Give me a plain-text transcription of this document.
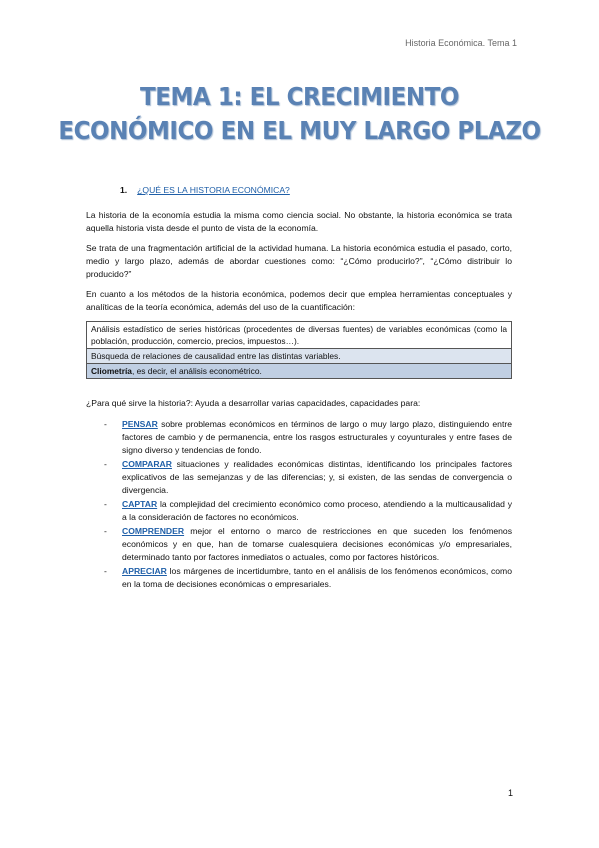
Historia Económica. Tema 1
TEMA 1: EL CRECIMIENTO
ECONÓMICO EN EL MUY LARGO PLAZO
1. ¿QUÉ ES LA HISTORIA ECONÓMICA?

La historia de la economía estudia la misma como ciencia social. No obstante, la historia económica se trata aquella historia vista desde el punto de vista de la economía.

Se trata de una fragmentación artificial de la actividad humana. La historia económica estudia el pasado, corto, medio y largo plazo, además de abordar cuestiones como: “¿Cómo producirlo?”, “¿Cómo distribuir lo producido?”

En cuanto a los métodos de la historia económica, podemos decir que emplea herramientas conceptuales y analíticas de la teoría económica, además del uso de la cuantificación:

Análisis estadístico de series históricas (procedentes de diversas fuentes) de variables económicas (como la población, producción, comercio, precios, impuestos…).
Búsqueda de relaciones de causalidad entre las distintas variables.
Cliometría, es decir, el análisis econométrico.

¿Para qué sirve la historia?: Ayuda a desarrollar varias capacidades, capacidades para:

- PENSAR sobre problemas económicos en términos de largo o muy largo plazo, distinguiendo entre factores de cambio y de permanencia, entre los rasgos estructurales y coyunturales y entre fases de signo diverso y tendencias de fondo.
- COMPARAR situaciones y realidades económicas distintas, identificando los principales factores explicativos de las semejanzas y de las diferencias; y, si existen, de las sendas de convergencia o divergencia.
- CAPTAR la complejidad del crecimiento económico como proceso, atendiendo a la multicausalidad y a la consideración de factores no económicos.
- COMPRENDER mejor el entorno o marco de restricciones en que suceden los fenómenos económicos y en que, han de tomarse cualesquiera decisiones económicas y/o empresariales, determinado tanto por factores inmediatos o actuales, como por factores históricos.
- APRECIAR los márgenes de incertidumbre, tanto en el análisis de los fenómenos económicos, como en la toma de decisiones económicas o empresariales.
1
